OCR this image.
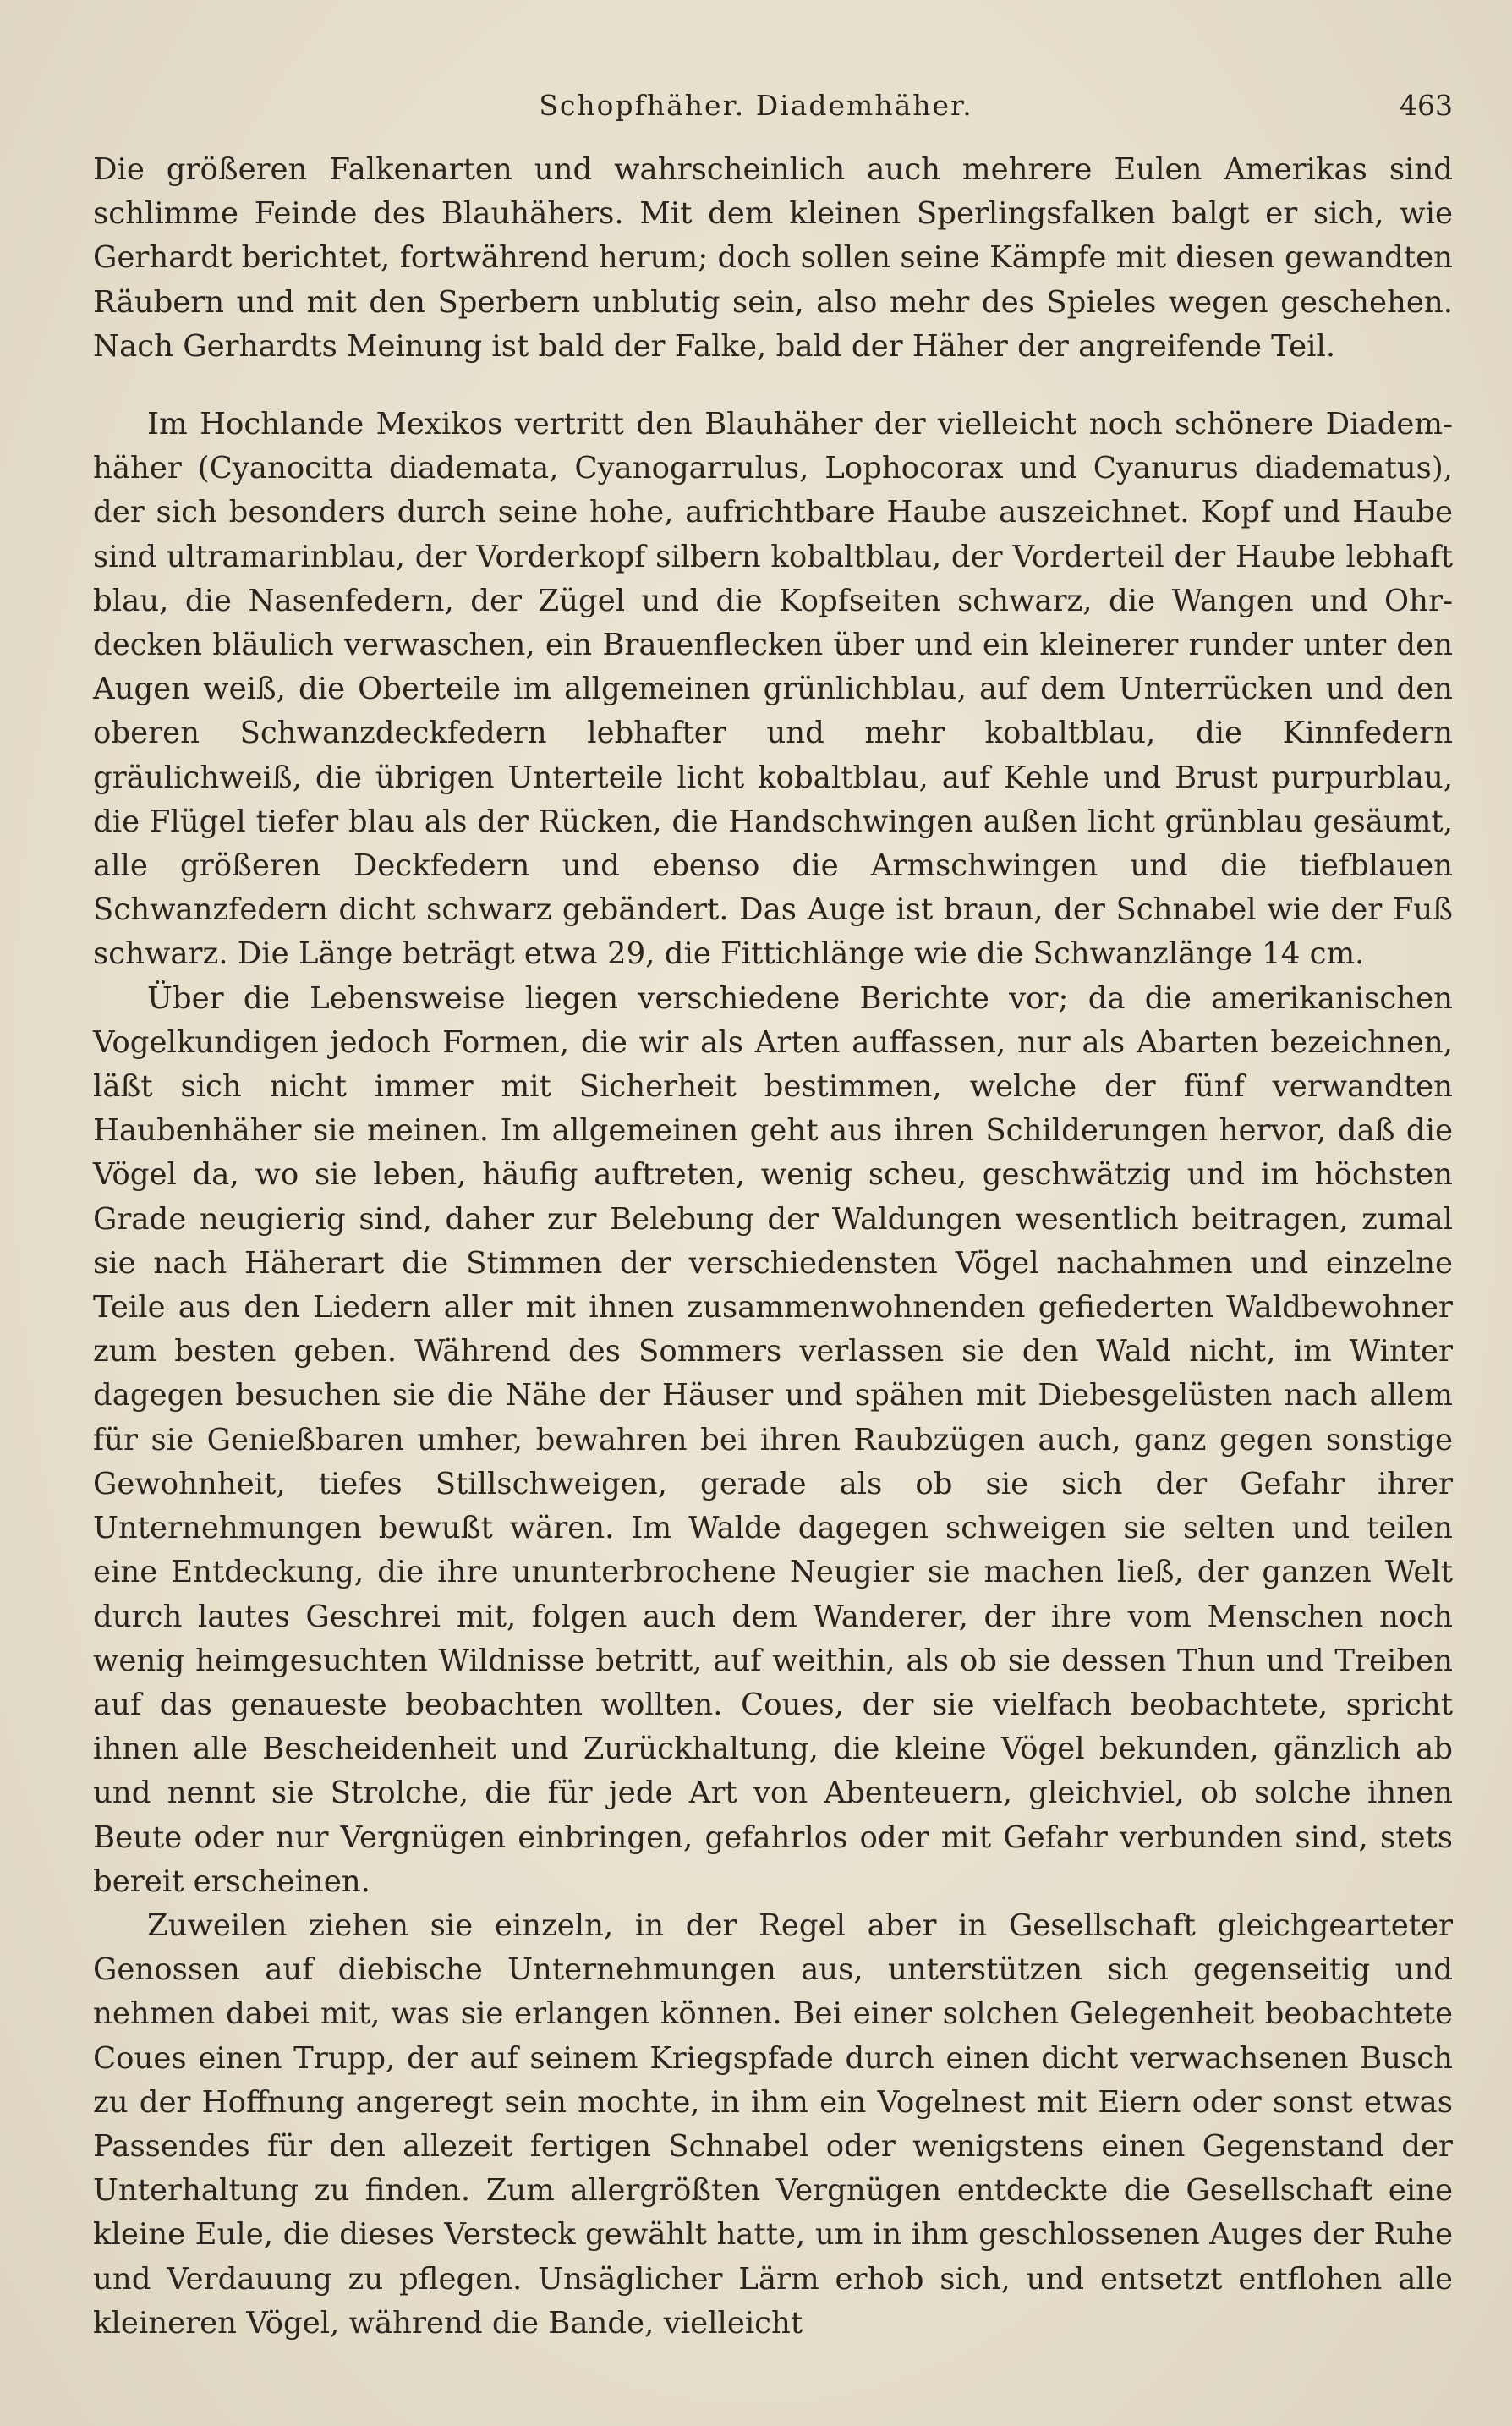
Schopfhäher. Diademhäher.	463

Die größeren Falkenarten und wahrscheinlich auch mehrere Eulen Amerikas sind schlimme Feinde des Blauhähers. Mit dem kleinen Sperlingsfalken balgt er sich, wie Gerhardt berichtet, fortwährend herum; doch sollen seine Kämpfe mit diesen gewandten Räubern und mit den Sperbern unblutig sein, also mehr des Spieles wegen geschehen. Nach Gerhardts Meinung ist bald der Falke, bald der Häher der angreifende Teil.

Im Hochlande Mexikos vertritt den Blauhäher der vielleicht noch schönere Diademhäher (Cyanocitta diademata, Cyanogarrulus, Lophocorax und Cyanurus diadematus), der sich besonders durch seine hohe, aufrichtbare Haube auszeichnet. Kopf und Haube sind ultramarinblau, der Vorderkopf silbern kobaltblau, der Vorderteil der Haube lebhaft blau, die Nasenfedern, der Zügel und die Kopfseiten schwarz, die Wangen und Ohrdecken bläulich verwaschen, ein Brauenflecken über und ein kleinerer runder unter den Augen weiß, die Oberteile im allgemeinen grünlichblau, auf dem Unterrücken und den oberen Schwanzdeckfedern lebhafter und mehr kobaltblau, die Kinnfedern gräulichweiß, die übrigen Unterteile licht kobaltblau, auf Kehle und Brust purpurblau, die Flügel tiefer blau als der Rücken, die Handschwingen außen licht grünblau gesäumt, alle größeren Deckfedern und ebenso die Armschwingen und die tiefblauen Schwanzfedern dicht schwarz gebändert. Das Auge ist braun, der Schnabel wie der Fuß schwarz. Die Länge beträgt etwa 29, die Fittichlänge wie die Schwanzlänge 14 cm.

Über die Lebensweise liegen verschiedene Berichte vor; da die amerikanischen Vogelkundigen jedoch Formen, die wir als Arten auffassen, nur als Abarten bezeichnen, läßt sich nicht immer mit Sicherheit bestimmen, welche der fünf verwandten Haubenhäher sie meinen. Im allgemeinen geht aus ihren Schilderungen hervor, daß die Vögel da, wo sie leben, häufig auftreten, wenig scheu, geschwätzig und im höchsten Grade neugierig sind, daher zur Belebung der Waldungen wesentlich beitragen, zumal sie nach Häherart die Stimmen der verschiedensten Vögel nachahmen und einzelne Teile aus den Liedern aller mit ihnen zusammenwohnenden gefiederten Waldbewohner zum besten geben. Während des Sommers verlassen sie den Wald nicht, im Winter dagegen besuchen sie die Nähe der Häuser und spähen mit Diebesgelüsten nach allem für sie Genießbaren umher, bewahren bei ihren Raubzügen auch, ganz gegen sonstige Gewohnheit, tiefes Stillschweigen, gerade als ob sie sich der Gefahr ihrer Unternehmungen bewußt wären. Im Walde dagegen schweigen sie selten und teilen eine Entdeckung, die ihre ununterbrochene Neugier sie machen ließ, der ganzen Welt durch lautes Geschrei mit, folgen auch dem Wanderer, der ihre vom Menschen noch wenig heimgesuchten Wildnisse betritt, auf weithin, als ob sie dessen Thun und Treiben auf das genaueste beobachten wollten. Coues, der sie vielfach beobachtete, spricht ihnen alle Bescheidenheit und Zurückhaltung, die kleine Vögel bekunden, gänzlich ab und nennt sie Strolche, die für jede Art von Abenteuern, gleichviel, ob solche ihnen Beute oder nur Vergnügen einbringen, gefahrlos oder mit Gefahr verbunden sind, stets bereit erscheinen.

Zuweilen ziehen sie einzeln, in der Regel aber in Gesellschaft gleichgearteter Genossen auf diebische Unternehmungen aus, unterstützen sich gegenseitig und nehmen dabei mit, was sie erlangen können. Bei einer solchen Gelegenheit beobachtete Coues einen Trupp, der auf seinem Kriegspfade durch einen dicht verwachsenen Busch zu der Hoffnung angeregt sein mochte, in ihm ein Vogelnest mit Eiern oder sonst etwas Passendes für den allezeit fertigen Schnabel oder wenigstens einen Gegenstand der Unterhaltung zu finden. Zum allergrößten Vergnügen entdeckte die Gesellschaft eine kleine Eule, die dieses Versteck gewählt hatte, um in ihm geschlossenen Auges der Ruhe und Verdauung zu pflegen. Unsäglicher Lärm erhob sich, und entsetzt entflohen alle kleineren Vögel, während die Bande, vielleicht
